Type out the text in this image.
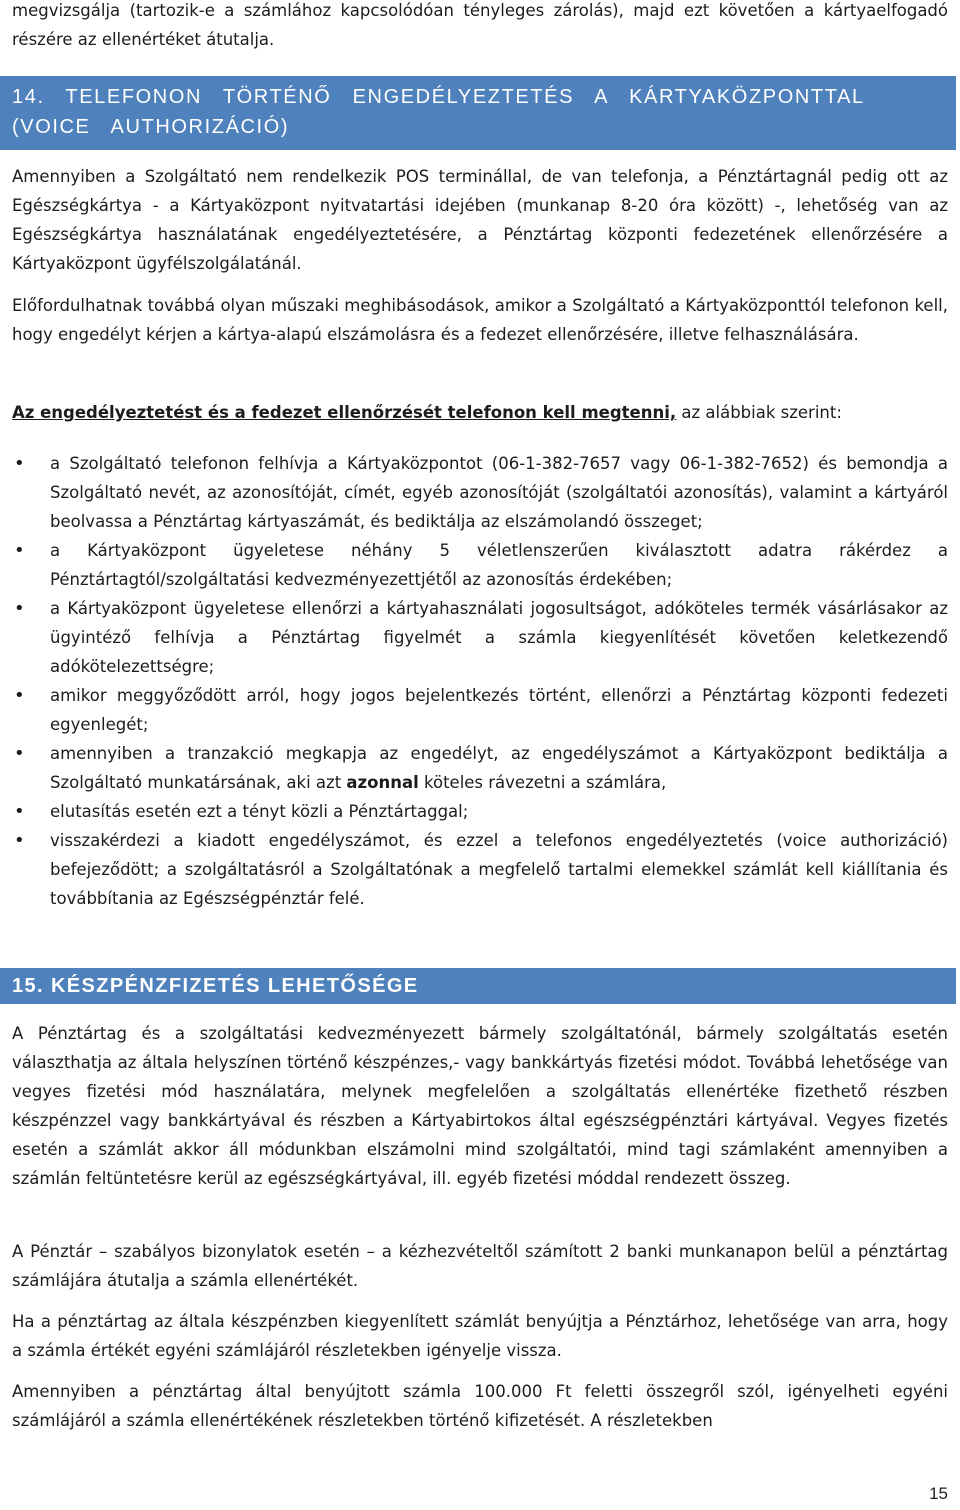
megvizsgálja (tartozik-e a számlához kapcsolódóan tényleges zárolás), majd ezt követően a kártyaelfogadó részére az ellenértéket átutalja.

14. TELEFONON TÖRTÉNŐ ENGEDÉLYEZTETÉS A KÁRTYAKÖZPONTTAL (VOICE AUTHORIZÁCIÓ)

Amennyiben a Szolgáltató nem rendelkezik POS terminállal, de van telefonja, a Pénztártagnál pedig ott az Egészségkártya - a Kártyaközpont nyitvatartási idejében (munkanap 8-20 óra között) -, lehetőség van az Egészségkártya használatának engedélyeztetésére, a Pénztártag központi fedezetének ellenőrzésére a Kártyaközpont ügyfélszolgálatánál.

Előfordulhatnak továbbá olyan műszaki meghibásodások, amikor a Szolgáltató a Kártyaközponttól telefonon kell, hogy engedélyt kérjen a kártya-alapú elszámolásra és a fedezet ellenőrzésére, illetve felhasználására.

Az engedélyeztetést és a fedezet ellenőrzését telefonon kell megtenni, az alábbiak szerint:

• a Szolgáltató telefonon felhívja a Kártyaközpontot (06-1-382-7657 vagy 06-1-382-7652) és bemondja a Szolgáltató nevét, az azonosítóját, címét, egyéb azonosítóját (szolgáltatói azonosítás), valamint a kártyáról beolvassa a Pénztártag kártyaszámát, és bediktálja az elszámolandó összeget;
• a Kártyaközpont ügyeletese néhány 5 véletlenszerűen kiválasztott adatra rákérdez a Pénztártagtól/szolgáltatási kedvezményezettjétől az azonosítás érdekében;
• a Kártyaközpont ügyeletese ellenőrzi a kártyahasználati jogosultságot, adóköteles termék vásárlásakor az ügyintéző felhívja a Pénztártag figyelmét a számla kiegyenlítését követően keletkezendő adókötelezettségre;
• amikor meggyőződött arról, hogy jogos bejelentkezés történt, ellenőrzi a Pénztártag központi fedezeti egyenlegét;
• amennyiben a tranzakció megkapja az engedélyt, az engedélyszámot a Kártyaközpont bediktálja a Szolgáltató munkatársának, aki azt azonnal köteles rávezetni a számlára,
• elutasítás esetén ezt a tényt közli a Pénztártaggal;
• visszakérdezi a kiadott engedélyszámot, és ezzel a telefonos engedélyeztetés (voice authorizáció) befejeződött; a szolgáltatásról a Szolgáltatónak a megfelelő tartalmi elemekkel számlát kell kiállítania és továbbítania az Egészségpénztár felé.
15. KÉSZPÉNZFIZETÉS LEHETŐSÉGE

A Pénztártag és a szolgáltatási kedvezményezett bármely szolgáltatónál, bármely szolgáltatás esetén választhatja az általa helyszínen történő készpénzes,- vagy bankkártyás fizetési módot. Továbbá lehetősége van vegyes fizetési mód használatára, melynek megfelelően a szolgáltatás ellenértéke fizethető részben készpénzzel vagy bankkártyával és részben a Kártyabirtokos által egészségpénztári kártyával. Vegyes fizetés esetén a számlát akkor áll módunkban elszámolni mind szolgáltatói, mind tagi számlaként amennyiben a számlán feltüntetésre kerül az egészségkártyával, ill. egyéb fizetési móddal rendezett összeg.

A Pénztár – szabályos bizonylatok esetén – a kézhezvételtől számított 2 banki munkanapon belül a pénztártag számlájára átutalja a számla ellenértékét.

Ha a pénztártag az általa készpénzben kiegyenlített számlát benyújtja a Pénztárhoz, lehetősége van arra, hogy a számla értékét egyéni számlájáról részletekben igényelje vissza.

Amennyiben a pénztártag által benyújtott számla 100.000 Ft feletti összegről szól, igényelheti egyéni számlájáról a számla ellenértékének részletekben történő kifizetését. A részletekben

15
